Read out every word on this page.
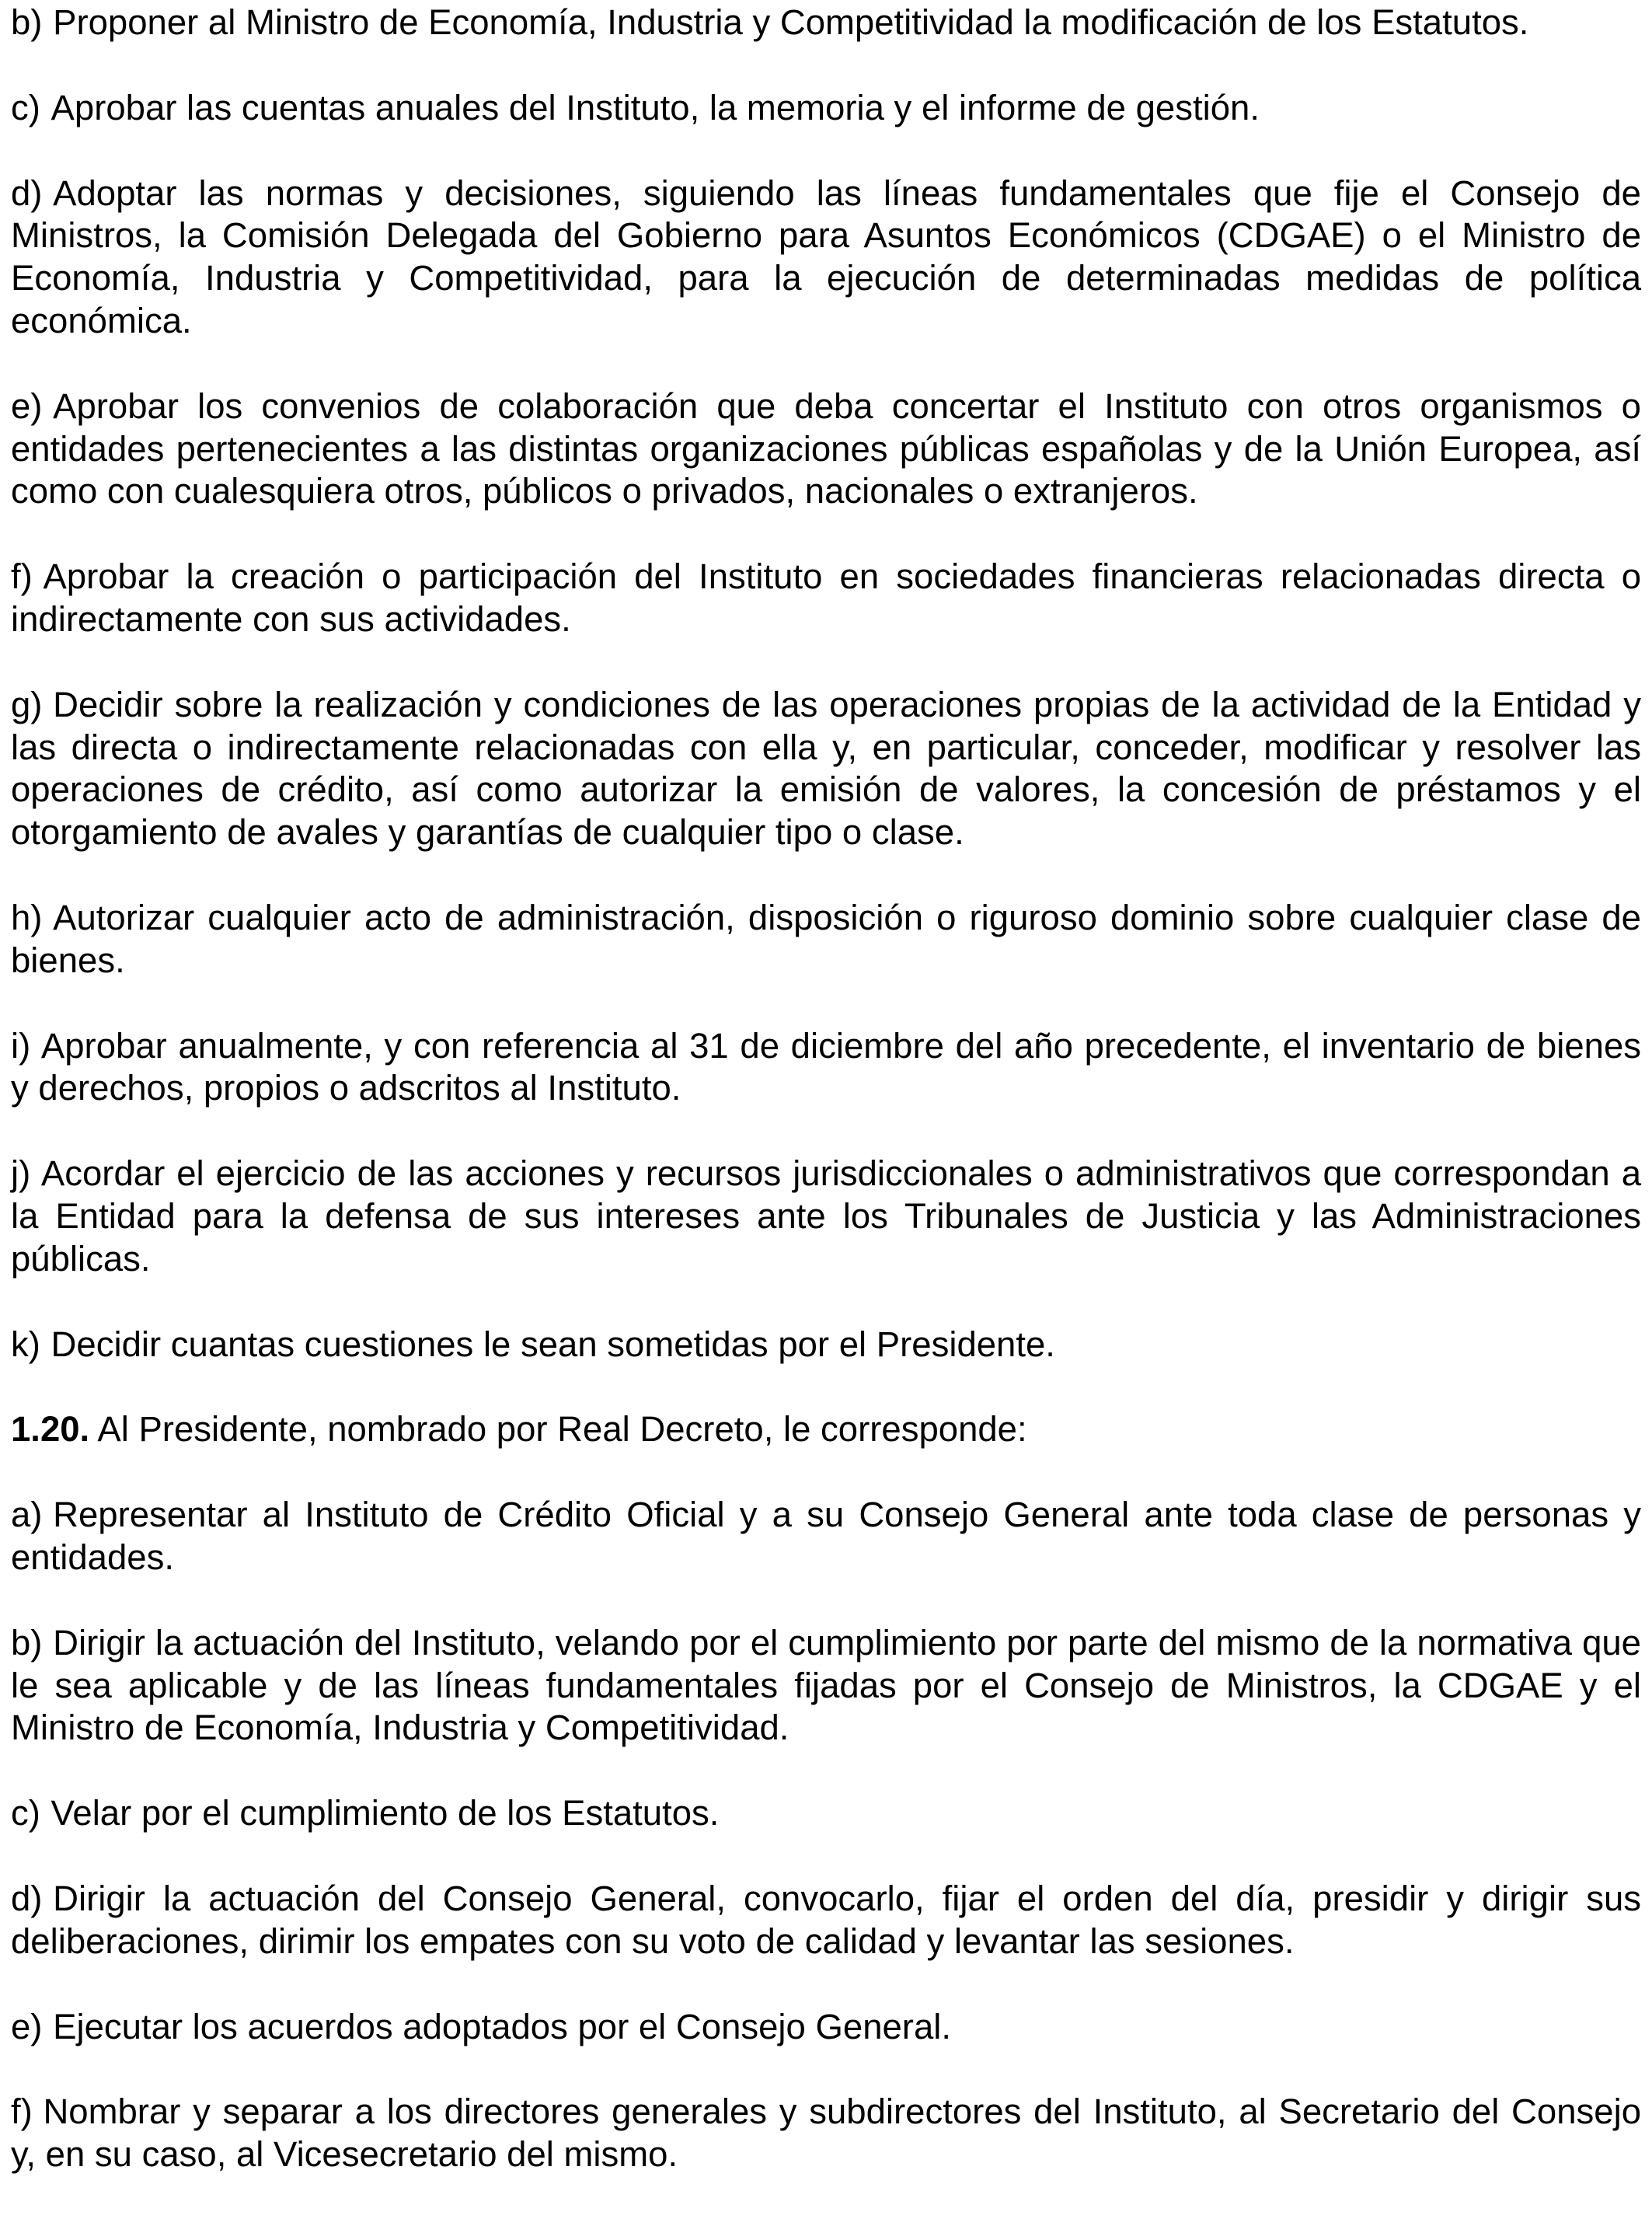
b) Proponer al Ministro de Economía, Industria y Competitividad la modificación de los Estatutos.

c) Aprobar las cuentas anuales del Instituto, la memoria y el informe de gestión.

d) Adoptar las normas y decisiones, siguiendo las líneas fundamentales que fije el Consejo de Ministros, la Comisión Delegada del Gobierno para Asuntos Económicos (CDGAE) o el Ministro de Economía, Industria y Competitividad, para la ejecución de determinadas medidas de política económica.

e) Aprobar los convenios de colaboración que deba concertar el Instituto con otros organismos o entidades pertenecientes a las distintas organizaciones públicas españolas y de la Unión Europea, así como con cualesquiera otros, públicos o privados, nacionales o extranjeros.

f) Aprobar la creación o participación del Instituto en sociedades financieras relacionadas directa o indirectamente con sus actividades.

g) Decidir sobre la realización y condiciones de las operaciones propias de la actividad de la Entidad y las directa o indirectamente relacionadas con ella y, en particular, conceder, modificar y resolver las operaciones de crédito, así como autorizar la emisión de valores, la concesión de préstamos y el otorgamiento de avales y garantías de cualquier tipo o clase.

h) Autorizar cualquier acto de administración, disposición o riguroso dominio sobre cualquier clase de bienes.

i) Aprobar anualmente, y con referencia al 31 de diciembre del año precedente, el inventario de bienes y derechos, propios o adscritos al Instituto.

j) Acordar el ejercicio de las acciones y recursos jurisdiccionales o administrativos que correspondan a la Entidad para la defensa de sus intereses ante los Tribunales de Justicia y las Administraciones públicas.

k) Decidir cuantas cuestiones le sean sometidas por el Presidente.

1.20. Al Presidente, nombrado por Real Decreto, le corresponde:

a) Representar al Instituto de Crédito Oficial y a su Consejo General ante toda clase de personas y entidades.

b) Dirigir la actuación del Instituto, velando por el cumplimiento por parte del mismo de la normativa que le sea aplicable y de las líneas fundamentales fijadas por el Consejo de Ministros, la CDGAE y el Ministro de Economía, Industria y Competitividad.

c) Velar por el cumplimiento de los Estatutos.

d) Dirigir la actuación del Consejo General, convocarlo, fijar el orden del día, presidir y dirigir sus deliberaciones, dirimir los empates con su voto de calidad y levantar las sesiones.

e) Ejecutar los acuerdos adoptados por el Consejo General.

f) Nombrar y separar a los directores generales y subdirectores del Instituto, al Secretario del Consejo y, en su caso, al Vicesecretario del mismo.
